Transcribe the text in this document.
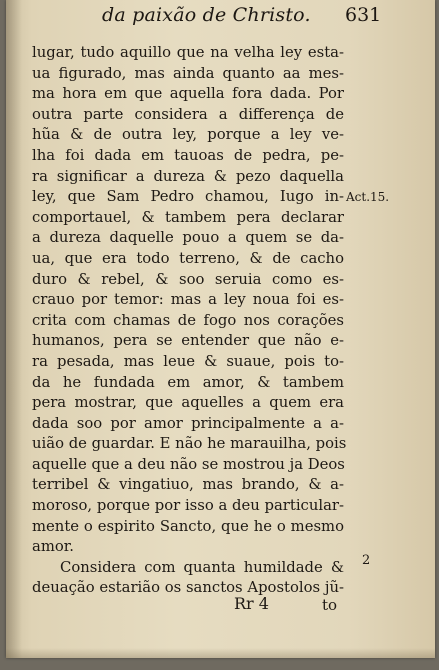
da paixão de Christo. 631
lugar, tudo aquillo que na velha ley esta-
ua figurado, mas ainda quanto aa mes-
ma hora em que aquella fora dada. Por
outra parte considera a differença de
hũa & de outra ley, porque a ley ve-
lha foi dada em tauoas de pedra, pe-
ra significar a dureza & pezo daquella
ley, que Sam Pedro chamou, Iugo in-
comportauel, & tambem pera declarar
a dureza daquelle pouo a quem se da-
ua, que era todo terreno, & de cacho
duro & rebel, & soo seruia como es-
crauo por temor: mas a ley noua foi es-
crita com chamas de fogo nos corações
humanos, pera se entender que não e-
ra pesada, mas leue & suaue, pois to-
da he fundada em amor, & tambem
pera mostrar, que aquelles a quem era
dada soo por amor principalmente a a-
uião de guardar. E não he marauilha, pois
aquelle que a deu não se mostrou ja Deos
terribel & vingatiuo, mas brando, & a-
moroso, porque por isso a deu particular-
mente o espirito Sancto, que he o mesmo
amor.
Considera com quanta humildade &
deuação estarião os sanctos Apostolos jũ-
Act.15.
2
Rr 4	to
